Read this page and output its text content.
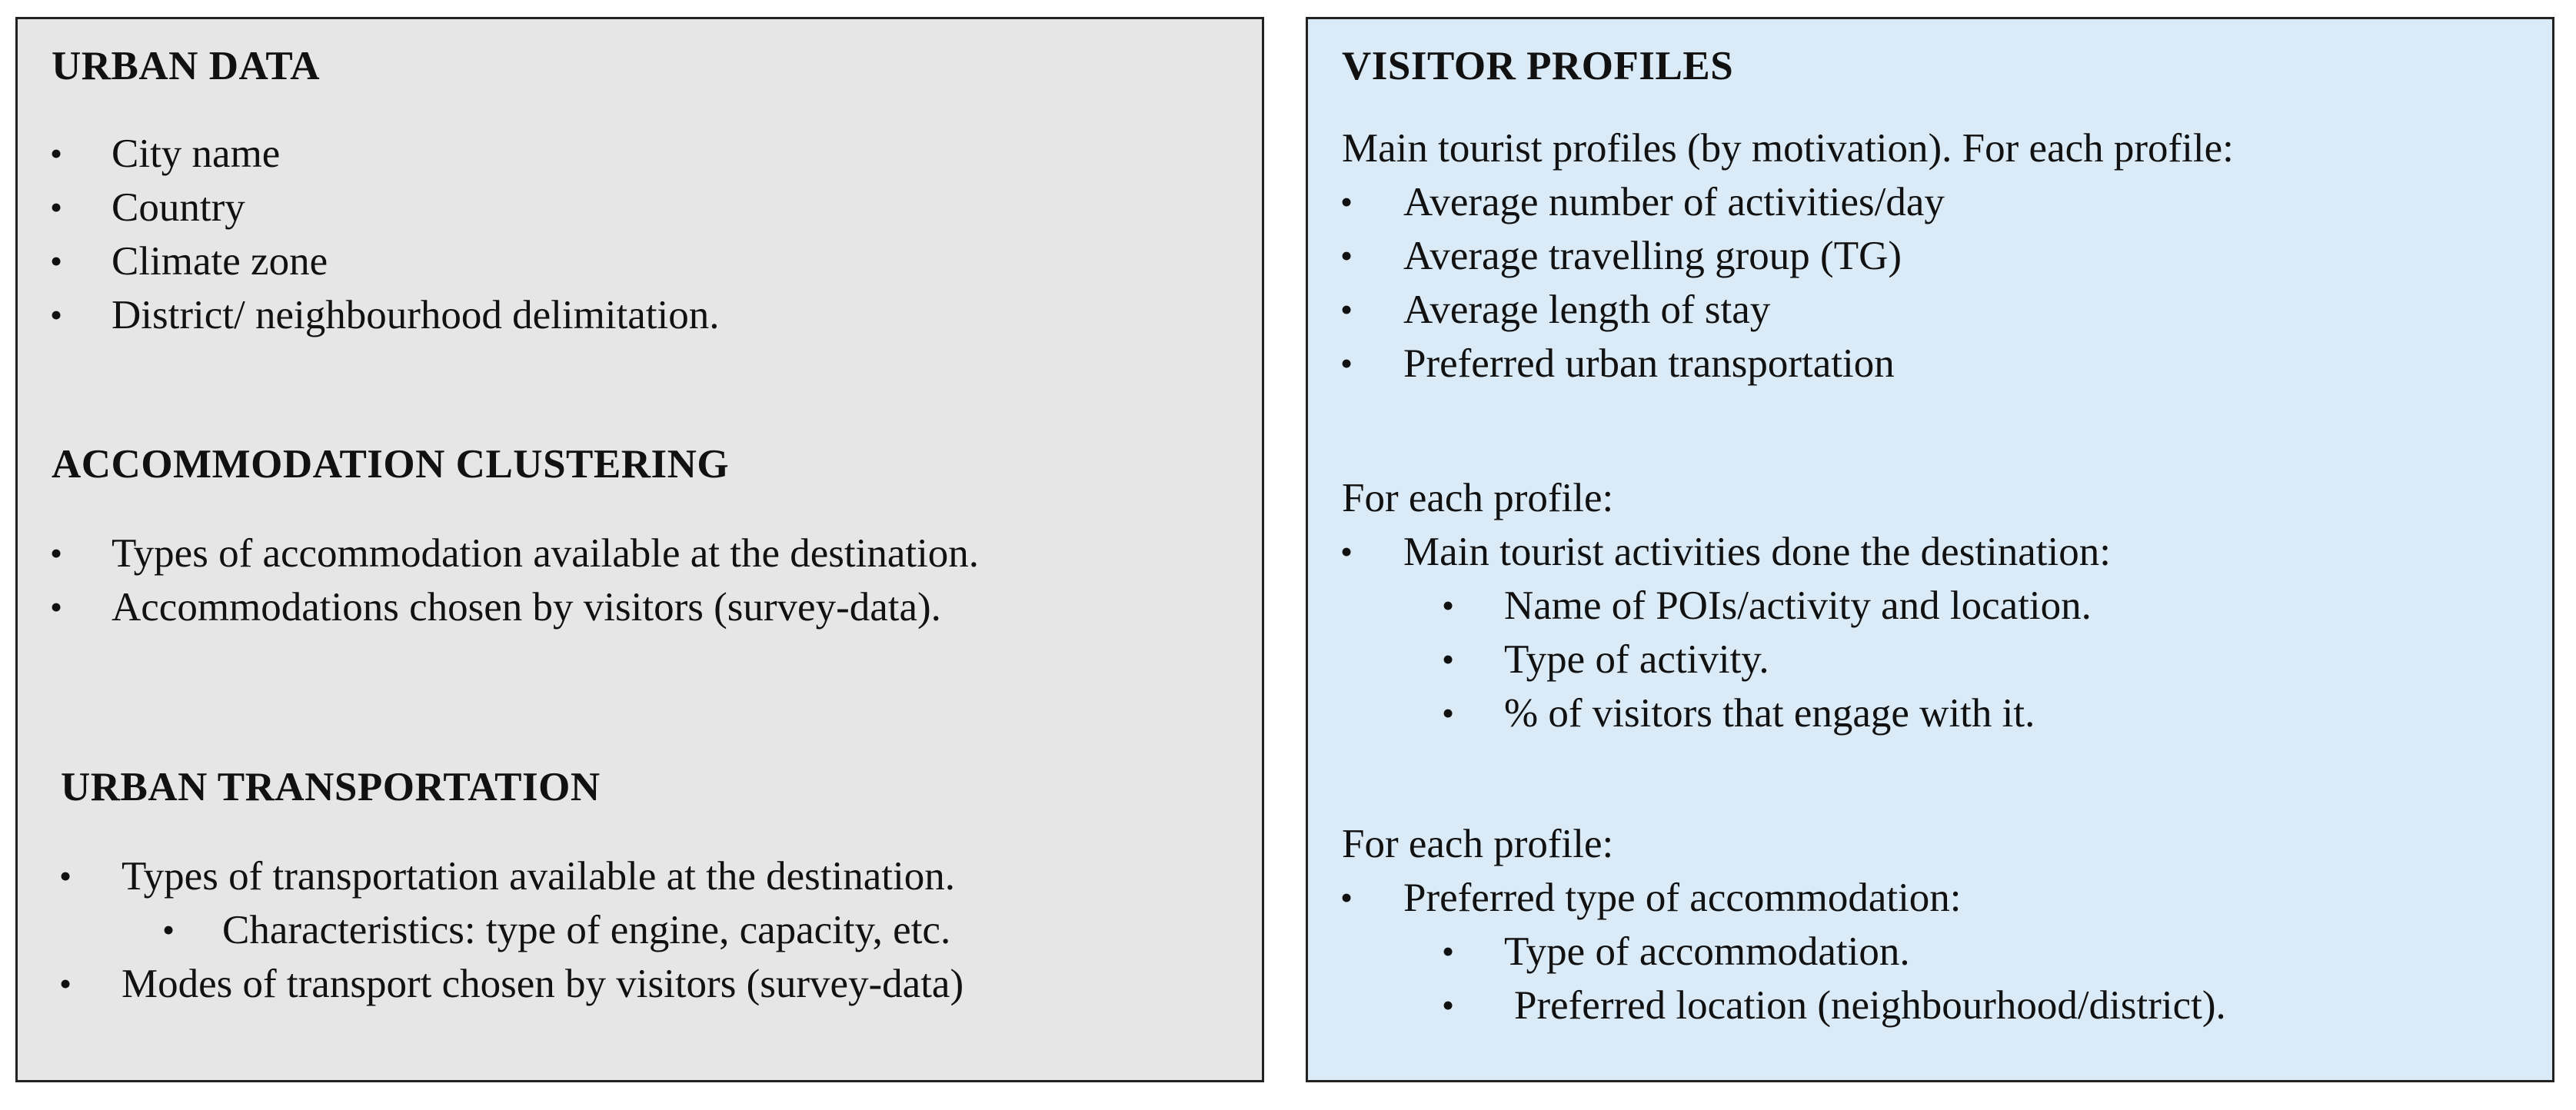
URBAN DATA
• City name
• Country
• Climate zone
• District/ neighbourhood delimitation.
ACCOMMODATION CLUSTERING
• Types of accommodation available at the destination.
• Accommodations chosen by visitors (survey-data).
URBAN TRANSPORTATION
• Types of transportation available at the destination.
• Characteristics: type of engine, capacity, etc.
• Modes of transport chosen by visitors (survey-data)
VISITOR PROFILES
Main tourist profiles (by motivation). For each profile:
• Average number of activities/day
• Average travelling group (TG)
• Average length of stay
• Preferred urban transportation
For each profile:
• Main tourist activities done the destination:
• Name of POIs/activity and location.
• Type of activity.
• % of visitors that engage with it.
For each profile:
• Preferred type of accommodation:
• Type of accommodation.
• Preferred location (neighbourhood/district).
